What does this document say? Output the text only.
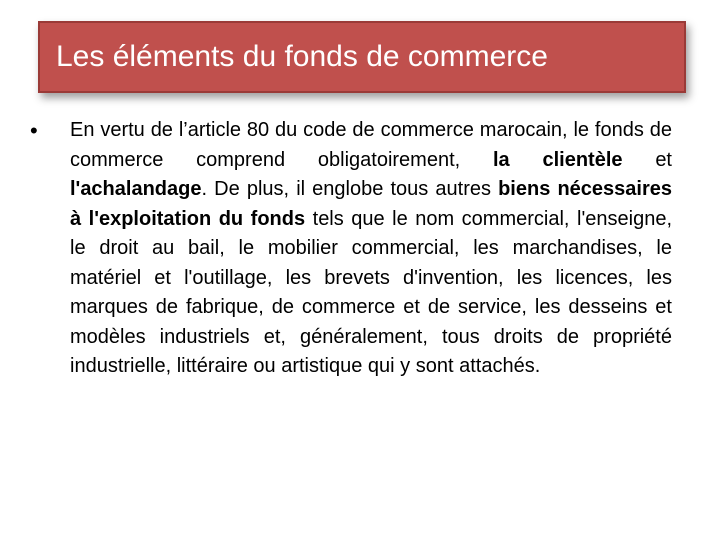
Les éléments du fonds de commerce
•	En vertu de l’article 80 du code de commerce marocain, le fonds de commerce comprend obligatoirement, la clientèle et l'achalandage. De plus, il englobe tous autres biens nécessaires à l'exploitation du fonds tels que le nom commercial, l'enseigne, le droit au bail, le mobilier commercial, les marchandises, le matériel et l'outillage, les brevets d'invention, les licences, les marques de fabrique, de commerce et de service, les desseins et modèles industriels et, généralement, tous droits de propriété industrielle, littéraire ou artistique qui y sont attachés.
